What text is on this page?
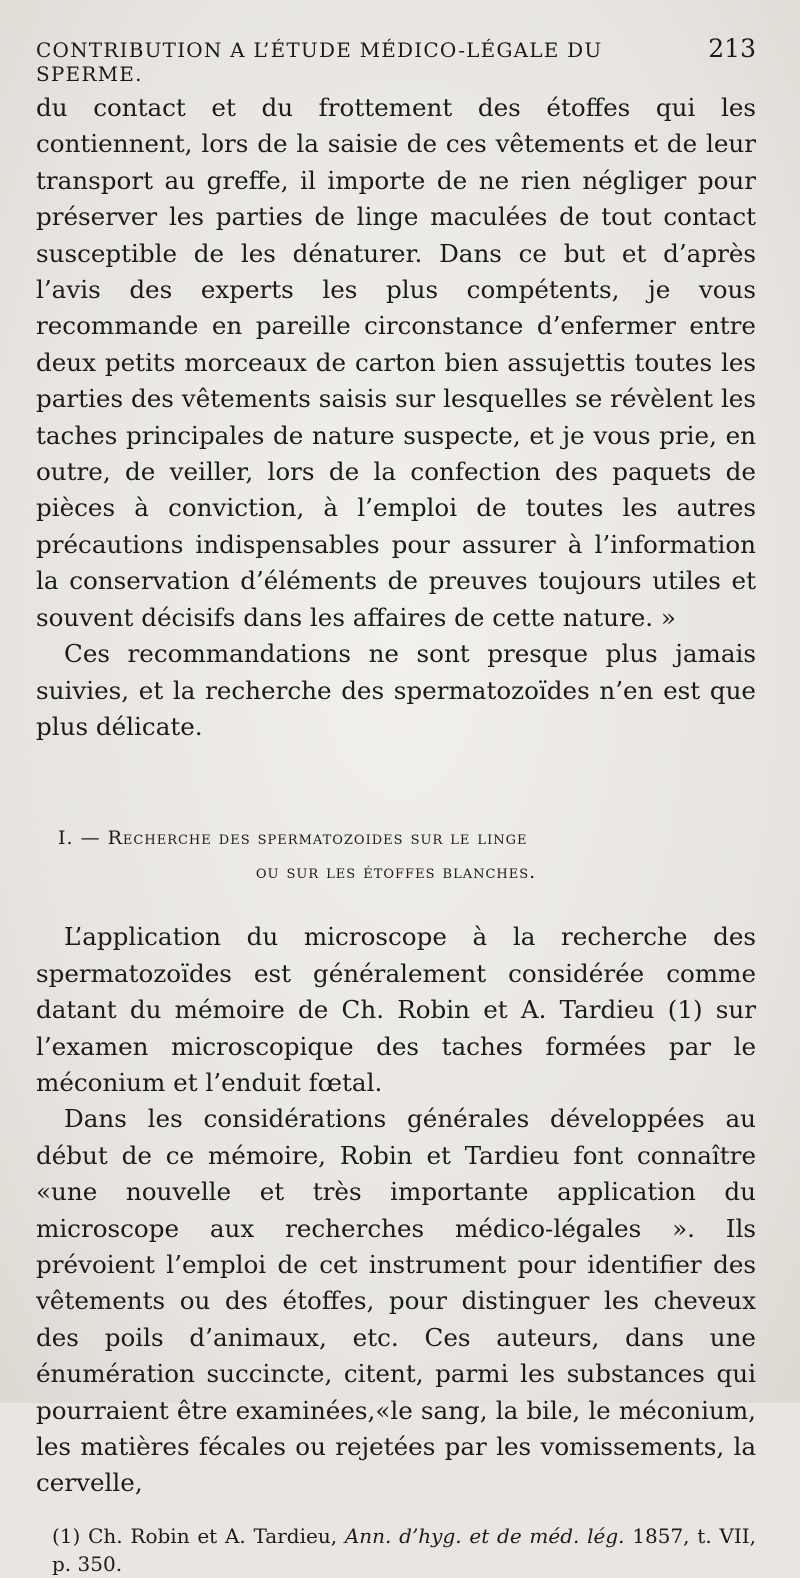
CONTRIBUTION A L’ÉTUDE MÉDICO-LÉGALE DU SPERME.
213

du contact et du frottement des étoffes qui les contiennent, lors de la saisie de ces vêtements et de leur transport au greffe, il importe de ne rien négliger pour préserver les parties de linge maculées de tout contact susceptible de les dénaturer. Dans ce but et d’après l’avis des experts les plus compétents, je vous recommande en pareille circonstance d’enfermer entre deux petits morceaux de carton bien assujettis toutes les parties des vêtements saisis sur lesquelles se révèlent les taches principales de nature suspecte, et je vous prie, en outre, de veiller, lors de la confection des paquets de pièces à conviction, à l’emploi de toutes les autres précautions indispensables pour assurer à l’information la conservation d’éléments de preuves toujours utiles et souvent décisifs dans les affaires de cette nature. »

Ces recommandations ne sont presque plus jamais suivies, et la recherche des spermatozoïdes n’en est que plus délicate.

I. — Recherche des spermatozoides sur le linge
ou sur les étoffes blanches.

L’application du microscope à la recherche des spermatozoïdes est généralement considérée comme datant du mémoire de Ch. Robin et A. Tardieu (1) sur l’examen microscopique des taches formées par le méconium et l’enduit fœtal.

Dans les considérations générales développées au début de ce mémoire, Robin et Tardieu font connaître «une nouvelle et très importante application du microscope aux recherches médico-légales ». Ils prévoient l’emploi de cet instrument pour identifier des vêtements ou des étoffes, pour distinguer les cheveux des poils d’animaux, etc. Ces auteurs, dans une énumération succincte, citent, parmi les substances qui pourraient être examinées,«le sang, la bile, le méconium, les matières fécales ou rejetées par les vomissements, la cervelle,

(1) Ch. Robin et A. Tardieu, Ann. d’hyg. et de méd. lég. 1857, t. VII, p. 350.
